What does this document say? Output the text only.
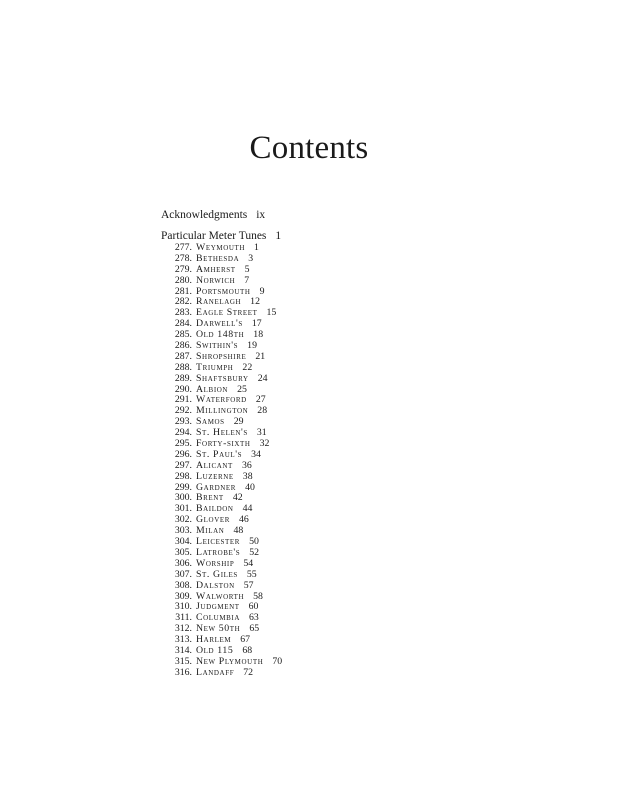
Contents
Acknowledgments ix
Particular Meter Tunes 1
277. Weymouth 1
278. Bethesda 3
279. Amherst 5
280. Norwich 7
281. Portsmouth 9
282. Ranelagh 12
283. Eagle Street 15
284. Darwell's 17
285. Old 148th 18
286. Swithin's 19
287. Shropshire 21
288. Triumph 22
289. Shaftsbury 24
290. Albion 25
291. Waterford 27
292. Millington 28
293. Samos 29
294. St. Helen's 31
295. Forty-sixth 32
296. St. Paul's 34
297. Alicant 36
298. Luzerne 38
299. Gardner 40
300. Brent 42
301. Baildon 44
302. Glover 46
303. Milan 48
304. Leicester 50
305. Latrobe's 52
306. Worship 54
307. St. Giles 55
308. Dalston 57
309. Walworth 58
310. Judgment 60
311. Columbia 63
312. New 50th 65
313. Harlem 67
314. Old 115 68
315. New Plymouth 70
316. Landaff 72
